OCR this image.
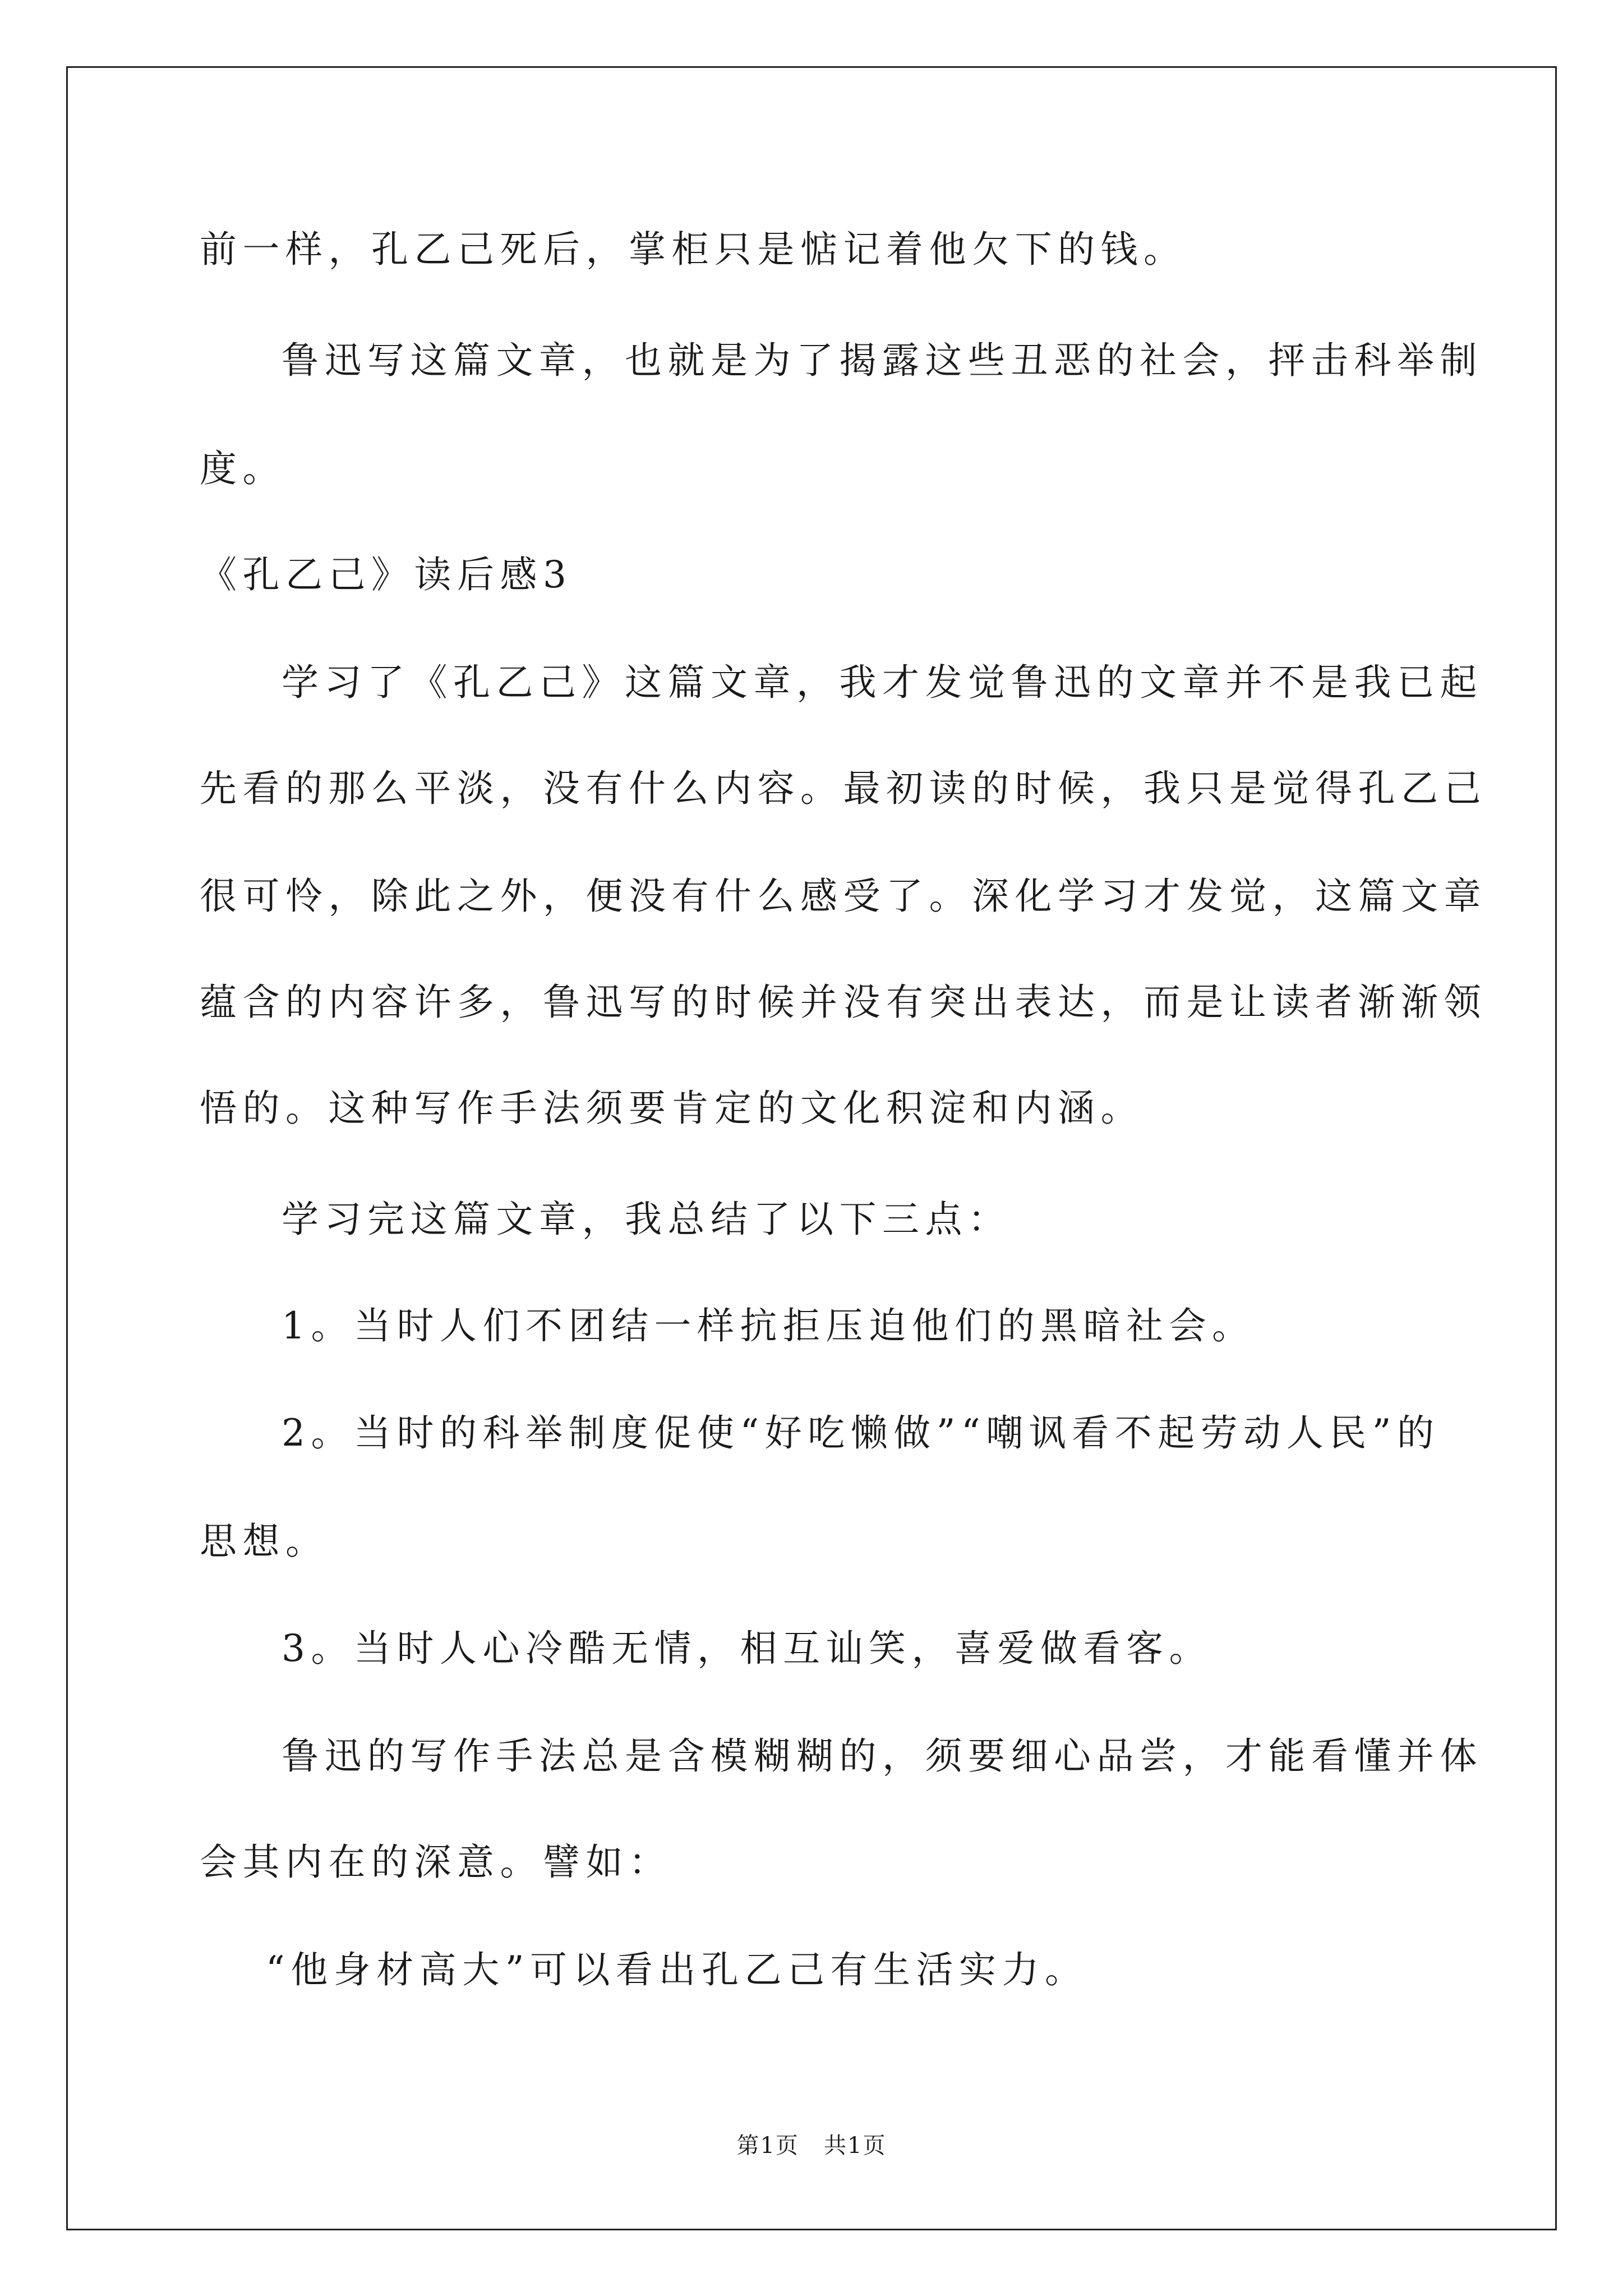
前一样，孔乙己死后，掌柜只是惦记着他欠下的钱。
鲁迅写这篇文章，也就是为了揭露这些丑恶的社会，抨击科举制
度。
《孔乙己》读后感3
学习了《孔乙己》这篇文章，我才发觉鲁迅的文章并不是我已起
先看的那么平淡，没有什么内容。最初读的时候，我只是觉得孔乙己
很可怜，除此之外，便没有什么感受了。深化学习才发觉，这篇文章
蕴含的内容许多，鲁迅写的时候并没有突出表达，而是让读者渐渐领
悟的。这种写作手法须要肯定的文化积淀和内涵。
学习完这篇文章，我总结了以下三点：
1。当时人们不团结一样抗拒压迫他们的黑暗社会。
2。当时的科举制度促使“好吃懒做”“嘲讽看不起劳动人民”的
思想。
3。当时人心冷酷无情，相互讪笑，喜爱做看客。
鲁迅的写作手法总是含模糊糊的，须要细心品尝，才能看懂并体
会其内在的深意。譬如：
“他身材高大”可以看出孔乙己有生活实力。
第1页   共1页
